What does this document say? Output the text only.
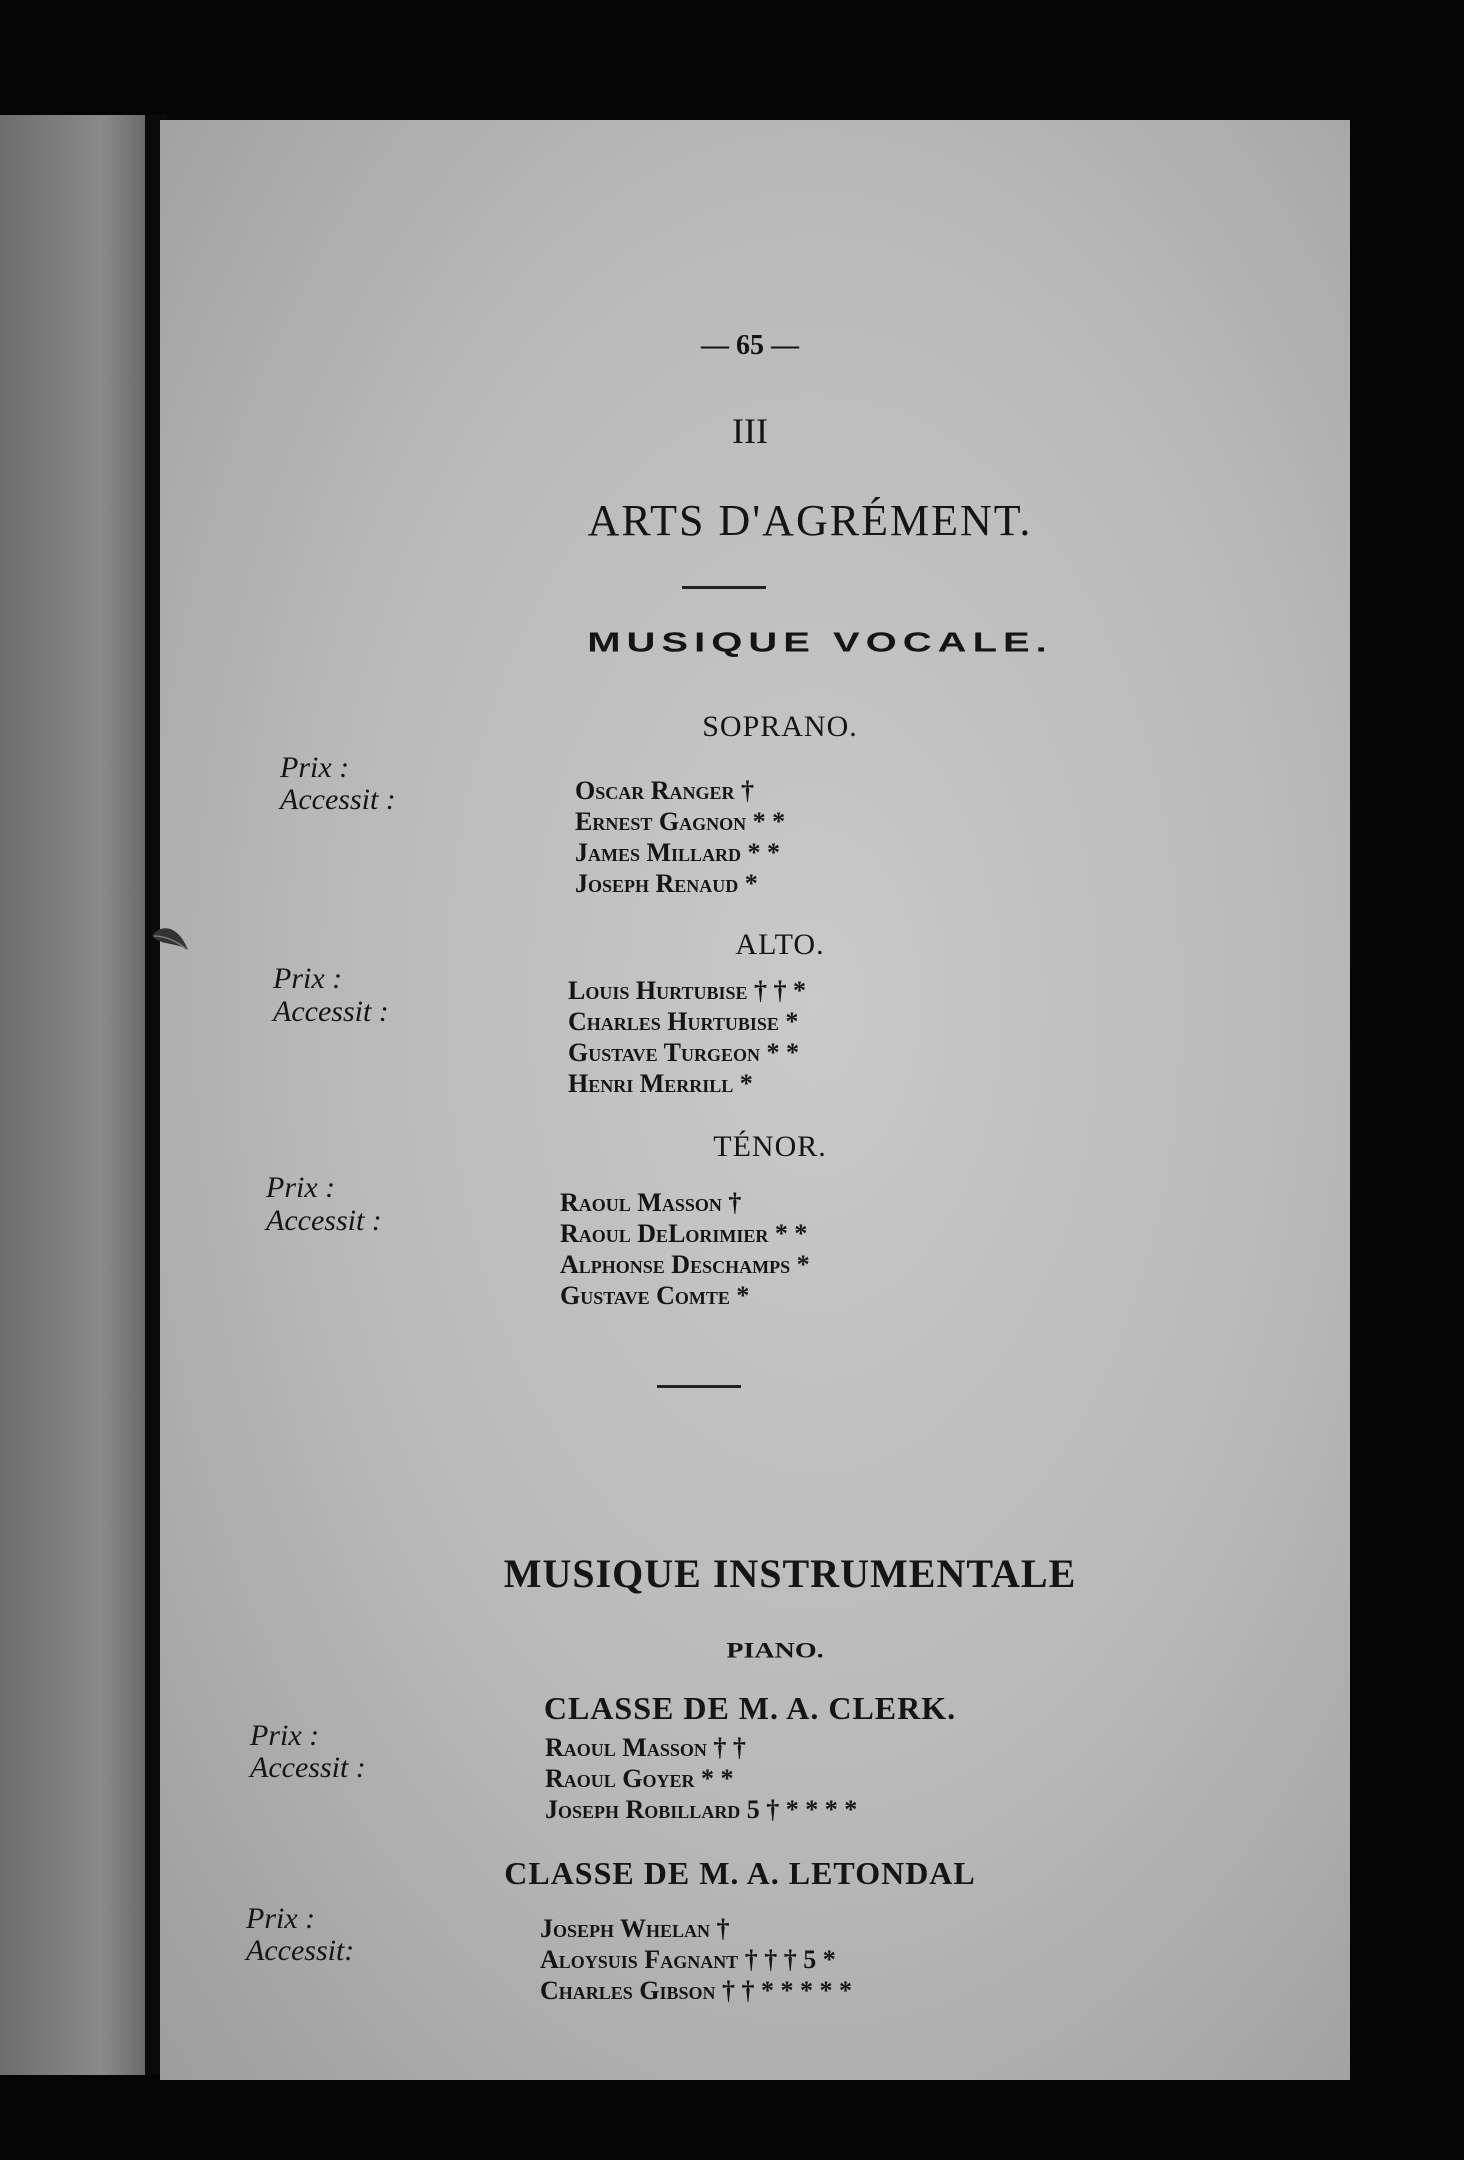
— 65 —
III
ARTS D'AGRÉMENT.
MUSIQUE VOCALE.
SOPRANO.
Prix :
Accessit :	Oscar Ranger †
Ernest Gagnon * *
James Millard * *
Joseph Renaud *
ALTO.
Prix :
Accessit :
Louis Hurtubise † † *
Charles Hurtubise *
Gustave Turgeon * *
Henri Merrill *
TÉNOR.
Prix :
Accessit :
Raoul Masson †
Raoul DeLorimier * *
Alphonse Deschamps *
Gustave Comte *
MUSIQUE INSTRUMENTALE
PIANO.
CLASSE DE M. A. CLERK.
Prix :
Accessit :
Raoul Masson † †
Raoul Goyer * *
Joseph Robillard 5 † * * * *
CLASSE DE M. A. LETONDAL
Prix :
Accessit:
Joseph Whelan †
Aloysuis Fagnant † † † 5 *
Charles Gibson † † * * * * *
